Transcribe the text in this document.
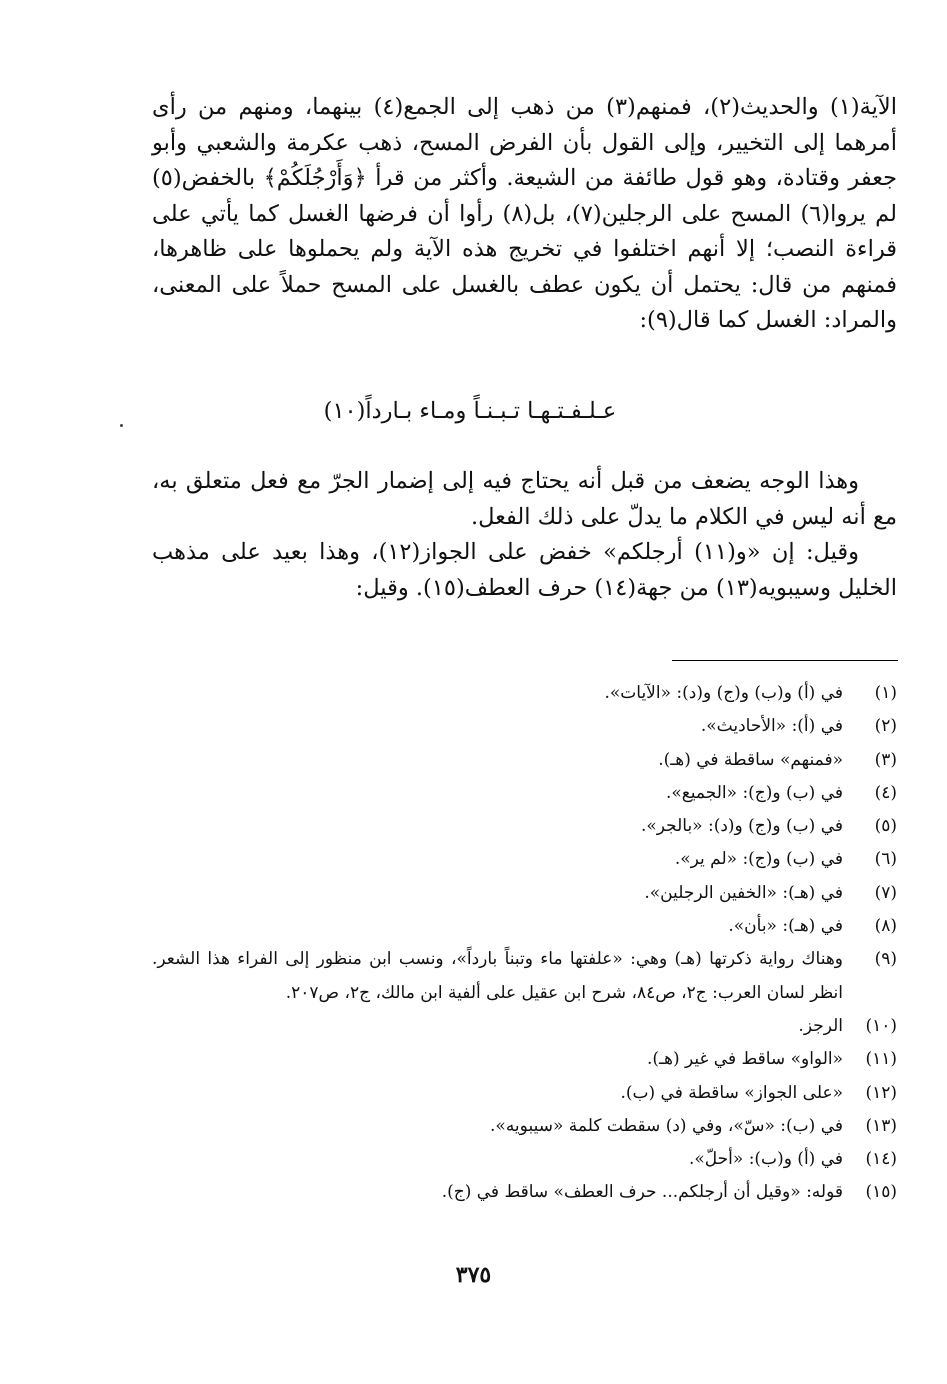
الآية(١) والحديث(٢)، فمنهم(٣) من ذهب إلى الجمع(٤) بينهما، ومنهم من رأى أمرهما إلى التخيير، وإلى القول بأن الفرض المسح، ذهب عكرمة والشعبي وأبو جعفر وقتادة، وهو قول طائفة من الشيعة. وأكثر من قرأ ﴿وَأَرْجُلَكُمْ﴾ بالخفض(٥) لم يروا(٦) المسح على الرجلين(٧)، بل(٨) رأوا أن فرضها الغسل كما يأتي على قراءة النصب؛ إلا أنهم اختلفوا في تخريج هذه الآية ولم يحملوها على ظاهرها، فمنهم من قال: يحتمل أن يكون عطف بالغسل على المسح حملاً على المعنى، والمراد: الغسل كما قال(٩):

عـلـفـتـهـا تـبـنـاً ومـاء بـارداً(١٠)

وهذا الوجه يضعف من قبل أنه يحتاج فيه إلى إضمار الجرّ مع فعل متعلق به، مع أنه ليس في الكلام ما يدلّ على ذلك الفعل.

وقيل: إن «و(١١) أرجلكم» خفض على الجواز(١٢)، وهذا بعيد على مذهب الخليل وسيبويه(١٣) من جهة(١٤) حرف العطف(١٥). وقيل:

(١)
في (أ) و(ب) و(ج) و(د): «الآيات».
(٢)
في (أ): «الأحاديث».
(٣)
«فمنهم» ساقطة في (هـ).
(٤)
في (ب) و(ج): «الجميع».
(٥)
في (ب) و(ج) و(د): «بالجر».
(٦)
في (ب) و(ج): «لم ير».
(٧)
في (هـ): «الخفين الرجلين».
(٨)
في (هـ): «بأن».
(٩)
وهناك رواية ذكرتها (هـ) وهي: «علفتها ماء وتبناً بارداً»، ونسب ابن منظور إلى الفراء هذا الشعر. انظر لسان العرب: ج٢، ص٨٤، شرح ابن عقيل على ألفية ابن مالك، ج٢، ص٢٠٧.
(١٠)
الرجز.
(١١)
«الواو» ساقط في غير (هـ).
(١٢)
«على الجواز» ساقطة في (ب).
(١٣)
في (ب): «سّ»، وفي (د) سقطت كلمة «سيبويه».
(١٤)
في (أ) و(ب): «أحلّ».
(١٥)
قوله: «وقيل أن أرجلكم... حرف العطف» ساقط في (ج).
٣٧٥
